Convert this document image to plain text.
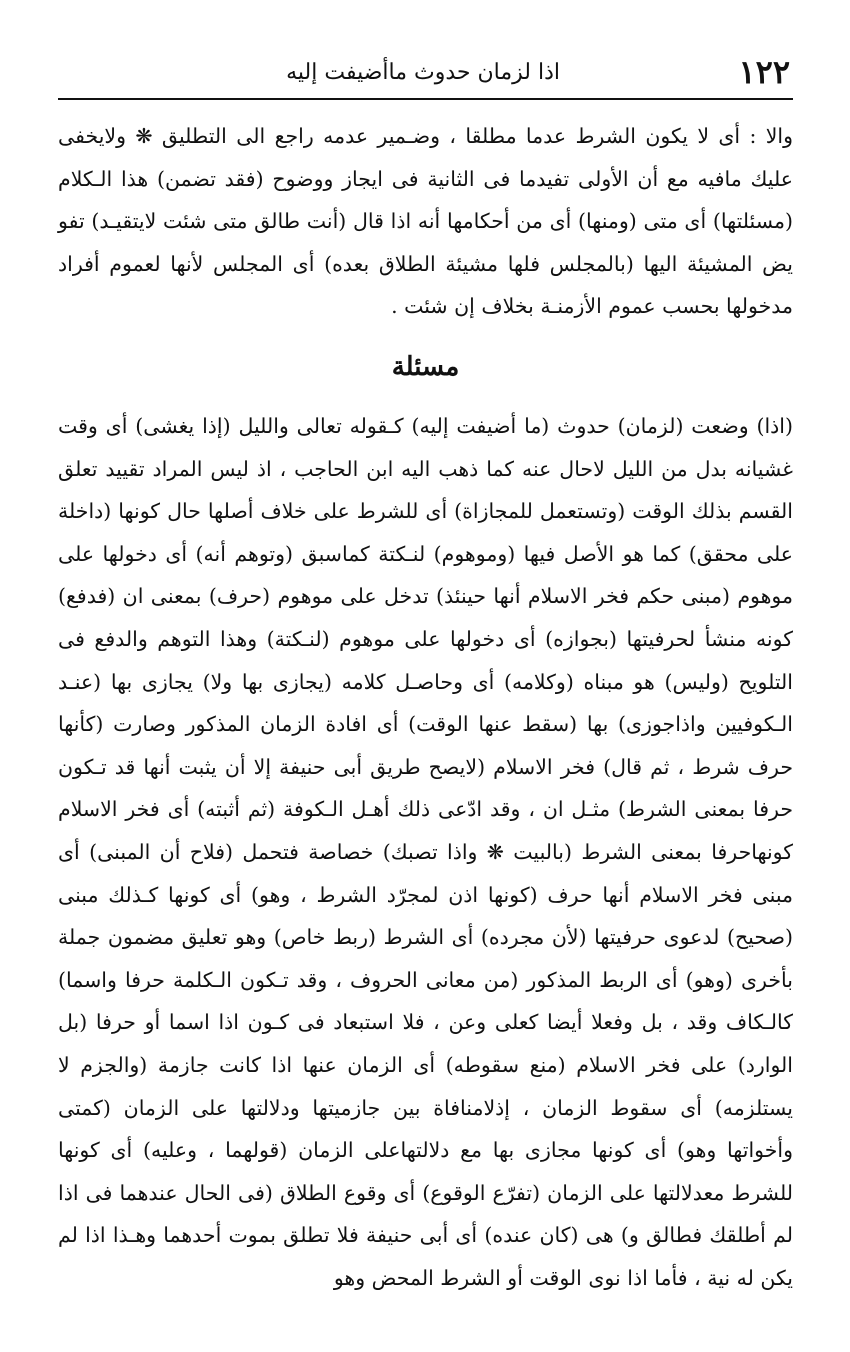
١٢٢
اذا لزمان حدوث ماأضيفت إليه

والا : أى لا يكون الشرط عدما مطلقا ، وضـمير عدمه راجع الى التطليق ❋ ولايخفى عليك مافيه مع أن الأولى تفيدما فى الثانية فى ايجاز ووضوح (فقد تضمن) هذا الـكلام (مسئلتها) أى متى (ومنها) أى من أحكامها أنه اذا قال (أنت طالق متى شئت لايتقيـد) تفو يض المشيئة اليها (بالمجلس فلها مشيئة الطلاق بعده) أى المجلس لأنها لعموم أفراد مدخولها بحسب عموم الأزمنـة بخلاف إن شئت .

مسئلة

(اذا) وضعت (لزمان) حدوث (ما أضيفت إليه) كـقوله تعالى والليل (إذا يغشى) أى وقت غشيانه بدل من الليل لاحال عنه كما ذهب اليه ابن الحاجب ، اذ ليس المراد تقييد تعلق القسم بذلك الوقت (وتستعمل للمجازاة) أى للشرط على خلاف أصلها حال كونها (داخلة على محقق) كما هو الأصل فيها (وموهوم) لنـكتة كماسبق (وتوهم أنه) أى دخولها على موهوم (مبنى حكم فخر الاسلام أنها حينئذ) تدخل على موهوم (حرف) بمعنى ان (فدفع) كونه منشأ لحرفيتها (بجوازه) أى دخولها على موهوم (لنـكتة) وهذا التوهم والدفع فى التلويح (وليس) هو مبناه (وكلامه) أى وحاصـل كلامه (يجازى بها ولا) يجازى بها (عنـد الـكوفيين واذاجوزى) بها (سقط عنها الوقت) أى افادة الزمان المذكور وصارت (كأنها حرف شرط ، ثم قال) فخر الاسلام (لايصح طريق أبى حنيفة إلا أن يثبت أنها قد تـكون حرفا بمعنى الشرط) مثـل ان ، وقد ادّعى ذلك أهـل الـكوفة (ثم أثبته) أى فخر الاسلام كونهاحرفا بمعنى الشرط (بالبيت ❋ واذا تصبك) خصاصة فتحمل (فلاح أن المبنى) أى مبنى فخر الاسلام أنها حرف (كونها اذن لمجرّد الشرط ، وهو) أى كونها كـذلك مبنى (صحيح) لدعوى حرفيتها (لأن مجرده) أى الشرط (ربط خاص) وهو تعليق مضمون جملة بأخرى (وهو) أى الربط المذكور (من معانى الحروف ، وقد تـكون الـكلمة حرفا واسما) كالـكاف وقد ، بل وفعلا أيضا كعلى وعن ، فلا استبعاد فى كـون اذا اسما أو حرفا (بل الوارد) على فخر الاسلام (منع سقوطه) أى الزمان عنها اذا كانت جازمة (والجزم لا يستلزمه) أى سقوط الزمان ، إذلامنافاة بين جازميتها ودلالتها على الزمان (كمتى وأخواتها وهو) أى كونها مجازى بها مع دلالتهاعلى الزمان (قولهما ، وعليه) أى كونها للشرط معدلالتها على الزمان (تفرّع الوقوع) أى وقوع الطلاق (فى الحال عندهما فى اذا لم أطلقك فطالق و) هى (كان عنده) أى أبى حنيفة فلا تطلق بموت أحدهما وهـذا اذا لم يكن له نية ، فأما اذا نوى الوقت أو الشرط المحض وهو
